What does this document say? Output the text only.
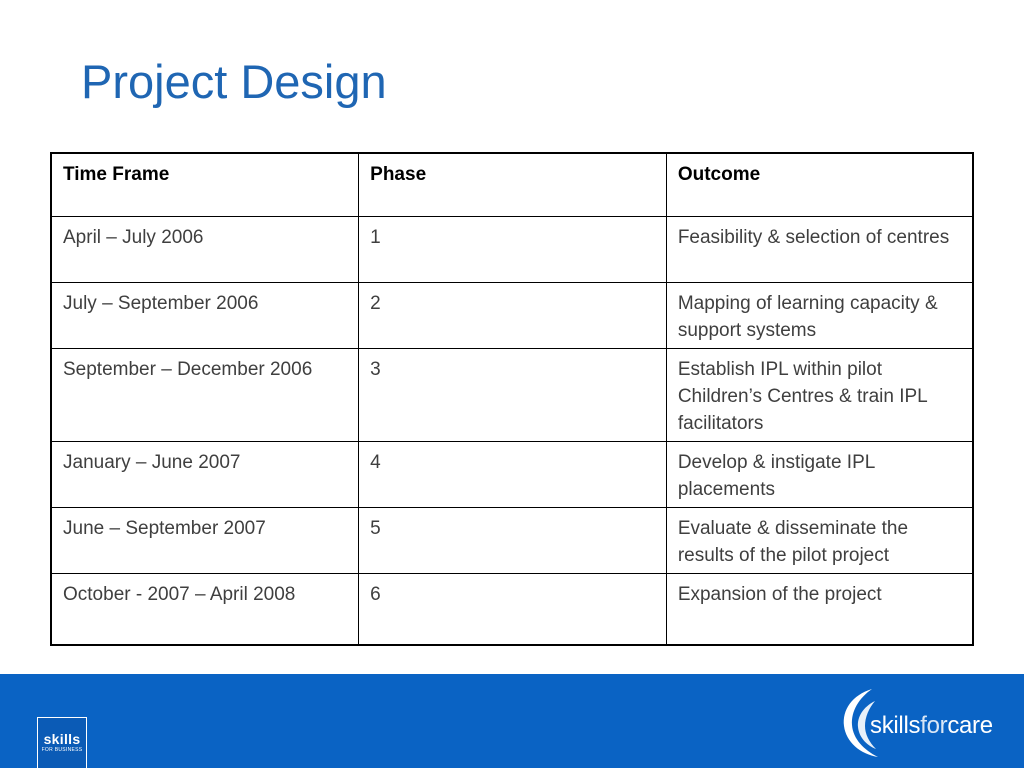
Project Design
Time Frame	Phase	Outcome
April – July 2006	1	Feasibility & selection of centres
July – September 2006	2	Mapping of learning capacity & support systems
September – December 2006	3	Establish IPL within pilot Children’s Centres & train IPL facilitators
January – June 2007	4	Develop & instigate IPL placements
June – September 2007	5	Evaluate & disseminate the results of the pilot project
October - 2007 – April 2008	6	Expansion of the project
skills
FOR BUSINESS
skillsforcare
